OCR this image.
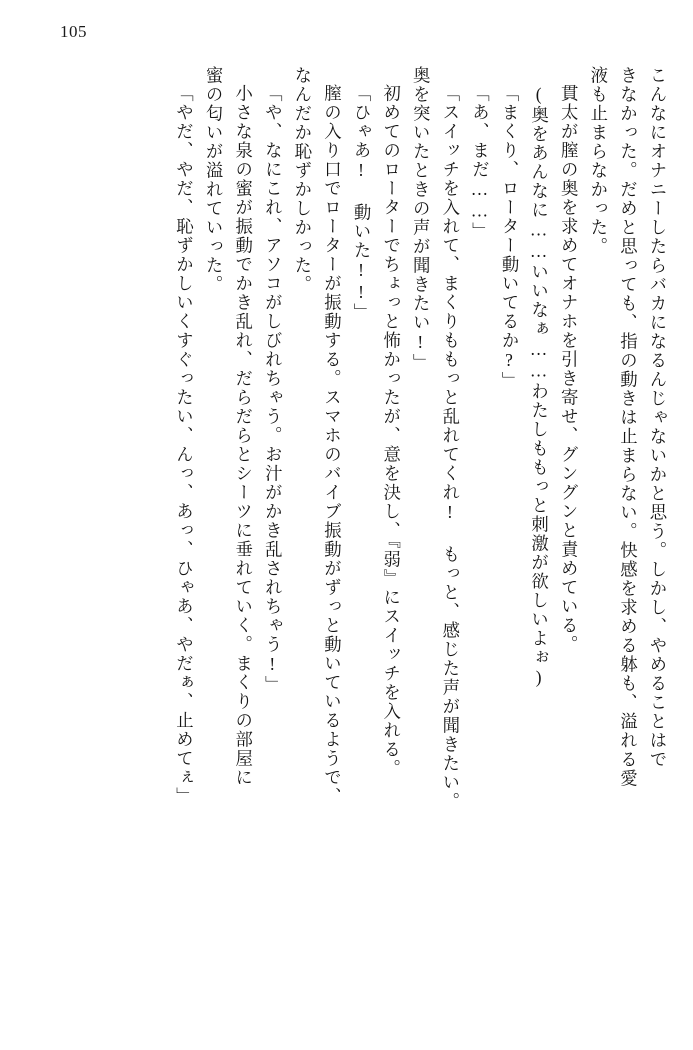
105
こんなにオナニーしたらバカになるんじゃないかと思う。しかし、やめることはで
きなかった。だめと思っても、指の動きは止まらない。快感を求める躰も、溢れる愛
液も止まらなかった。
貫太が膣の奥を求めてオナホを引き寄せ、グングンと責めている。
(奥をあんなに……いいなぁ……わたしももっと刺激が欲しいよぉ)
「まくり、ローター動いてるか?」
「あ、まだ……」
「スイッチを入れて、まくりももっと乱れてくれ! もっと、感じた声が聞きたい。
奥を突いたときの声が聞きたい!」
初めてのローターでちょっと怖かったが、意を決し、『弱』にスイッチを入れる。
「ひゃあ! 動いた!!」
膣の入り口でローターが振動する。スマホのバイブ振動がずっと動いているようで、
なんだか恥ずかしかった。
「や、なにこれ、アソコがしびれちゃう。お汁がかき乱されちゃう!」
小さな泉の蜜が振動でかき乱れ、だらだらとシーツに垂れていく。まくりの部屋に
蜜の匂いが溢れていった。
「やだ、やだ、恥ずかしいくすぐったい、んっ、あっ、ひゃあ、やだぁ、止めてぇ」
